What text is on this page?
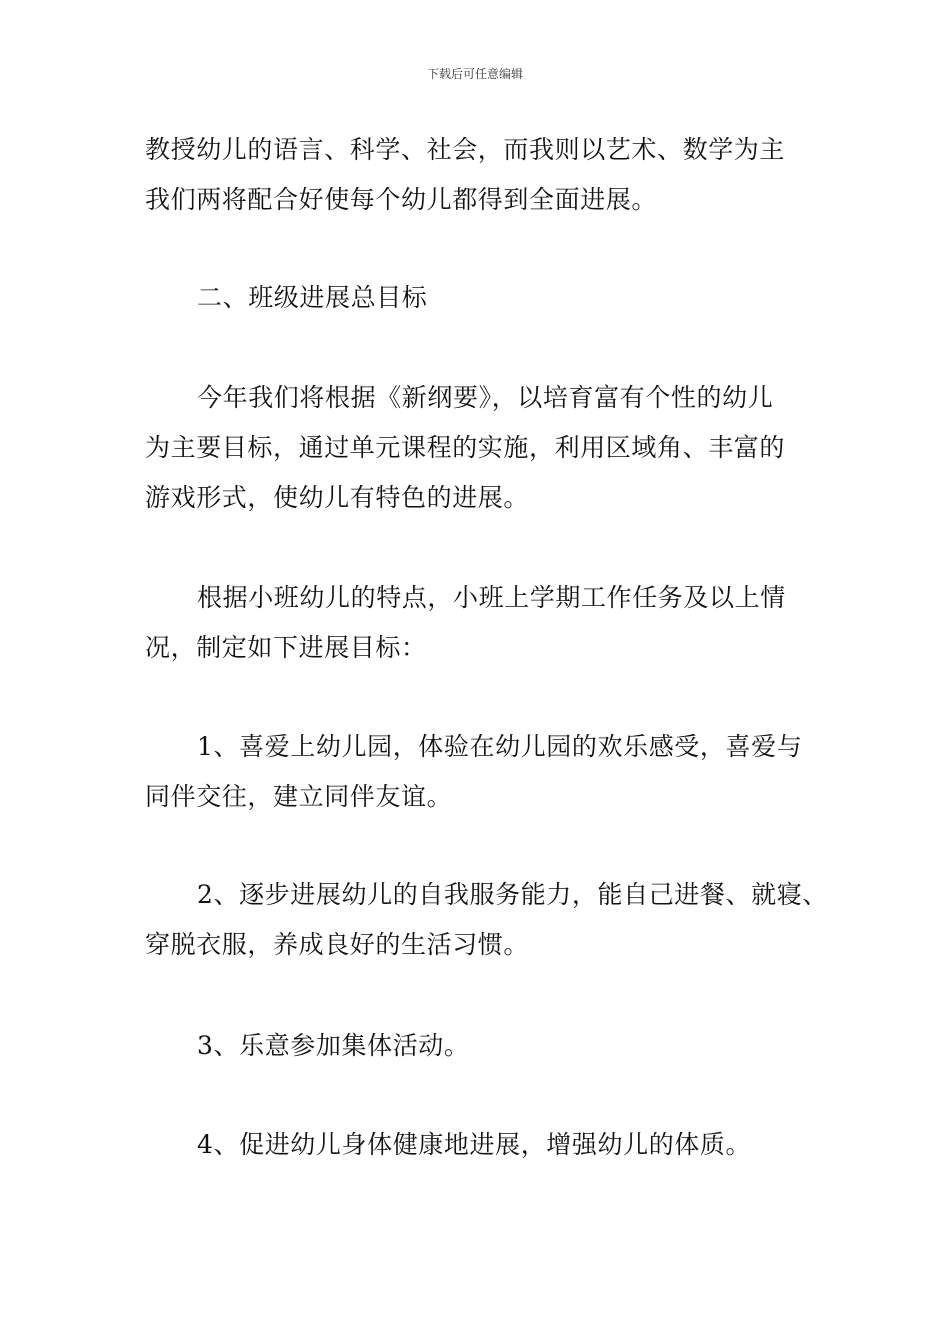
下载后可任意编辑
教授幼儿的语言、科学、社会，而我则以艺术、数学为主
我们两将配合好使每个幼儿都得到全面进展。
二、班级进展总目标
今年我们将根据《新纲要》，以培育富有个性的幼儿
为主要目标，通过单元课程的实施，利用区域角、丰富的
游戏形式，使幼儿有特色的进展。
根据小班幼儿的特点，小班上学期工作任务及以上情
况，制定如下进展目标：
1、喜爱上幼儿园，体验在幼儿园的欢乐感受，喜爱与
同伴交往，建立同伴友谊。
2、逐步进展幼儿的自我服务能力，能自己进餐、就寝、
穿脱衣服，养成良好的生活习惯。
3、乐意参加集体活动。
4、促进幼儿身体健康地进展，增强幼儿的体质。
